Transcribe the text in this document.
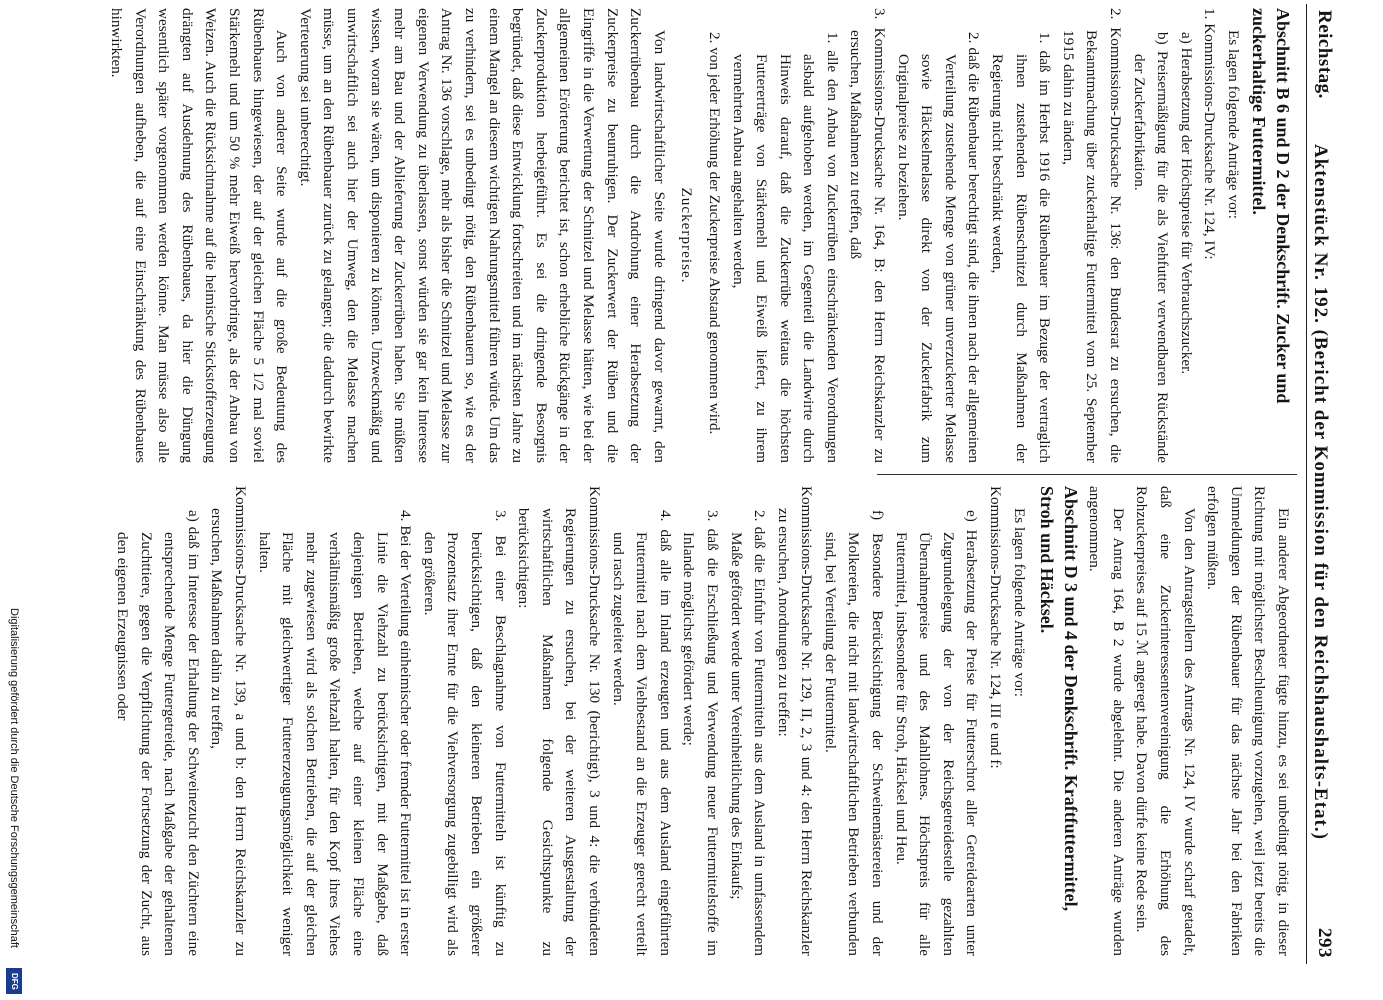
Reichstag.
Aktenstück Nr. 192. (Bericht der Kommission für den Reichshaushalts-Etat.)
293
Abschnitt B 6 und D 2 der Denkschrift. Zucker und zuckerhaltige Futtermittel.

Es lagen folgende Anträge vor:

1. Kommissions-Drucksache Nr. 124, IV:

a) Herabsetzung der Höchstpreise für Verbrauchszucker.

b) Preisermäßigung für die als Viehfutter verwendbaren Rückstände der Zuckerfabrikation.

2. Kommissions-Drucksache Nr. 136: den Bundesrat zu ersuchen, die Bekanntmachung über zuckerhaltige Futtermittel vom 25. September 1915 dahin zu ändern,

1. daß im Herbst 1916 die Rübenbauer im Bezuge der vertraglich ihnen zustehenden Rübenschnitzel durch Maßnahmen der Regierung nicht beschränkt werden,

2. daß die Rübenbauer berechtigt sind, die ihnen nach der allgemeinen Verteilung zustehende Menge von grüner unverzuckerter Melasse sowie Häckselmelasse direkt von der Zuckerfabrik zum Originalpreise zu beziehen.

3. Kommissions-Drucksache Nr. 164, B: den Herrn Reichskanzler zu ersuchen, Maßnahmen zu treffen, daß

1. alle den Anbau von Zuckerrüben einschränkenden Verordnungen alsbald aufgehoben werden, im Gegenteil die Landwirte durch Hinweis darauf, daß die Zuckerrübe weitaus die höchsten Futtererträge von Stärkemehl und Eiweiß liefert, zu ihrem vermehrten Anbau angehalten werden,

2. von jeder Erhöhung der Zuckerpreise Abstand genommen wird.

Zuckerpreise.

Von landwirtschaftlicher Seite wurde dringend davor gewarnt, den Zuckerrübenbau durch die Androhung einer Herabsetzung der Zuckerpreise zu beunruhigen. Der Zuckerwert der Rüben und die Eingriffe in die Verwertung der Schnitzel und Melasse hätten, wie bei der allgemeinen Erörterung berichtet ist, schon erhebliche Rückgänge in der Zuckerproduktion herbeigeführt. Es sei die dringende Besorgnis begründet, daß diese Entwicklung fortschreiten und im nächsten Jahre zu einem Mangel an diesem wichtigen Nahrungsmittel führen würde. Um das zu verhindern, sei es unbedingt nötig, den Rübenbauern so, wie es der Antrag Nr. 136 vorschlage, mehr als bisher die Schnitzel und Melasse zur eigenen Verwendung zu überlassen, sonst würden sie gar kein Interesse mehr am Bau und der Ablieferung der Zuckerrüben haben. Sie müßten wissen, woran sie wären, um disponieren zu können. Unzweckmäßig und unwirtschaftlich sei auch hier der Umweg, den die Melasse machen müsse, um an den Rübenbauer zurück zu gelangen; die dadurch bewirkte Verteuerung sei unberechtigt.

Auch von anderer Seite wurde auf die große Bedeutung des Rübenbaues hingewiesen, der auf der gleichen Fläche 5 1/2 mal soviel Stärkemehl und um 50 % mehr Eiweiß hervorbringe, als der Anbau von Weizen. Auch die Rücksichtnahme auf die heimische Stickstofferzeugung drängten auf Ausdehnung des Rübenbaues, da hier die Düngung wesentlich später vorgenommen werden könne. Man müsse also alle Verordnungen aufheben, die auf eine Einschränkung des Rübenbaues hinwirkten.

Ein anderer Abgeordneter fügte hinzu, es sei unbedingt nötig, in dieser Richtung mit möglichster Beschleunigung vorzugehen, weil jetzt bereits die Ummeldungen der Rübenbauer für das nächste Jahr bei den Fabriken erfolgen müßten.

Von den Antragstellern des Antrags Nr. 124, IV wurde scharf getadelt, daß eine Zuckerinteressentenvereinigung die Erhöhung des Rohzuckerpreises auf 15 ℳ angeregt habe. Davon dürfe keine Rede sein.

Der Antrag 164, B 2 wurde abgelehnt. Die anderen Anträge wurden angenommen.

Abschnitt D 3 und 4 der Denkschrift. Kraftfuttermittel, Stroh und Häcksel.

Es lagen folgende Anträge vor:

Kommissions-Drucksache Nr. 124, III e und f:

e) Herabsetzung der Preise für Futterschrot aller Getreidearten unter Zugrundelegung der von der Reichsgetreidestelle gezahlten Übernahmepreise und des Mahllohnes. Höchstpreis für alle Futtermittel, insbesondere für Stroh, Häcksel und Heu.

f) Besondere Berücksichtigung der Schweinemästereien und der Molkereien, die nicht mit landwirtschaftlichen Betrieben verbunden sind, bei Verteilung der Futtermittel.

Kommissions-Drucksache Nr. 129, II, 2, 3 und 4: den Herrn Reichskanzler zu ersuchen, Anordnungen zu treffen:

2. daß die Einfuhr von Futtermitteln aus dem Ausland in umfassendem Maße gefördert werde unter Vereinheitlichung des Einkaufs;

3. daß die Erschließung und Verwendung neuer Futtermittelstoffe im Inlande möglichst gefördert werde;

4. daß alle im Inland erzeugten und aus dem Ausland eingeführten Futtermittel nach dem Viehbestand an die Erzeuger gerecht verteilt und rasch zugeleitet werden.

Kommissions-Drucksache Nr. 130 (berichtigt), 3 und 4: die verbündeten Regierungen zu ersuchen, bei der weiteren Ausgestaltung der wirtschaftlichen Maßnahmen folgende Gesichtspunkte zu berücksichtigen:

3. Bei einer Beschlagnahme von Futtermitteln ist künftig zu berücksichtigen, daß den kleineren Betrieben ein größerer Prozentsatz ihrer Ernte für die Viehversorgung zugebilligt wird als den größeren.

4. Bei der Verteilung einheimischer oder fremder Futtermittel ist in erster Linie die Viehzahl zu berücksichtigen, mit der Maßgabe, daß denjenigen Betrieben, welche auf einer kleinen Fläche eine verhältnismäßig große Viehzahl halten, für den Kopf ihres Viehes mehr zugewiesen wird als solchen Betrieben, die auf der gleichen Fläche mit gleichwertiger Futtererzeugungsmöglichkeit weniger halten.

Kommissions-Drucksache Nr. 139, a und b: den Herrn Reichskanzler zu ersuchen, Maßnahmen dahin zu treffen,

a) daß im Interesse der Erhaltung der Schweinezucht den Züchtern eine entsprechende Menge Futtergetreide, nach Maßgabe der gehaltenen Zuchttiere, gegen die Verpflichtung der Fortsetzung der Zucht, aus den eigenen Erzeugnissen oder

Digitalisierung gefördert durch die Deutsche Forschungsgemeinschaft
DFG
